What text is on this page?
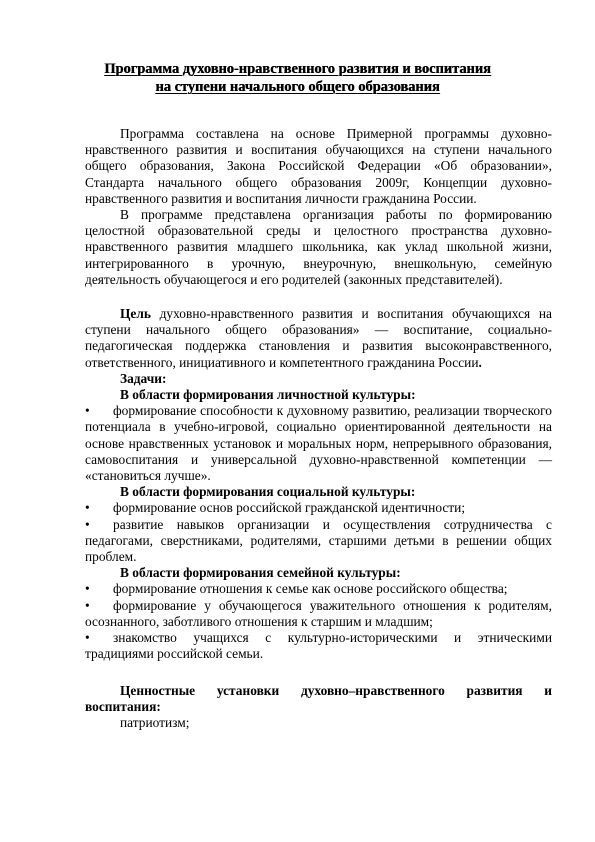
Программа духовно-нравственного развития и воспитания
на ступени начального общего образования

Программа составлена на основе Примерной программы духовно-нравственного развития и воспитания обучающихся на ступени начального общего образования, Закона Российской Федерации «Об образовании», Стандарта начального общего образования 2009г, Концепции духовно-нравственного развития и воспитания личности гражданина России.

В программе представлена организация работы по формированию целостной образовательной среды и целостного пространства духовно-нравственного развития младшего школьника, как уклад школьной жизни, интегрированного в урочную, внеурочную, внешкольную, семейную деятельность обучающегося и его родителей (законных представителей).

Цель духовно-нравственного развития и воспитания обучающихся на ступени начального общего образования» — воспитание, социально-педагогическая поддержка становления и развития высоконравственного, ответственного, инициативного и компетентного гражданина России.

Задачи:
В области формирования личностной культуры:

• формирование способности к духовному развитию, реализации творческого потенциала в учебно-игровой, социально ориентированной деятельности на основе нравственных установок и моральных норм, непрерывного образования, самовоспитания и универсальной духовно-нравственной компетенции — «становиться лучше».

В области формирования социальной культуры:

• формирование основ российской гражданской идентичности;

• развитие навыков организации и осуществления сотрудничества с педагогами, сверстниками, родителями, старшими детьми в решении общих проблем.

В области формирования семейной культуры:

• формирование отношения к семье как основе российского общества;

• формирование у обучающегося уважительного отношения к родителям, осознанного, заботливого отношения к старшим и младшим;

• знакомство учащихся с культурно-историческими и этническими традициями российской семьи.

Ценностные установки духовно–нравственного развития и
воспитания:
патриотизм;
